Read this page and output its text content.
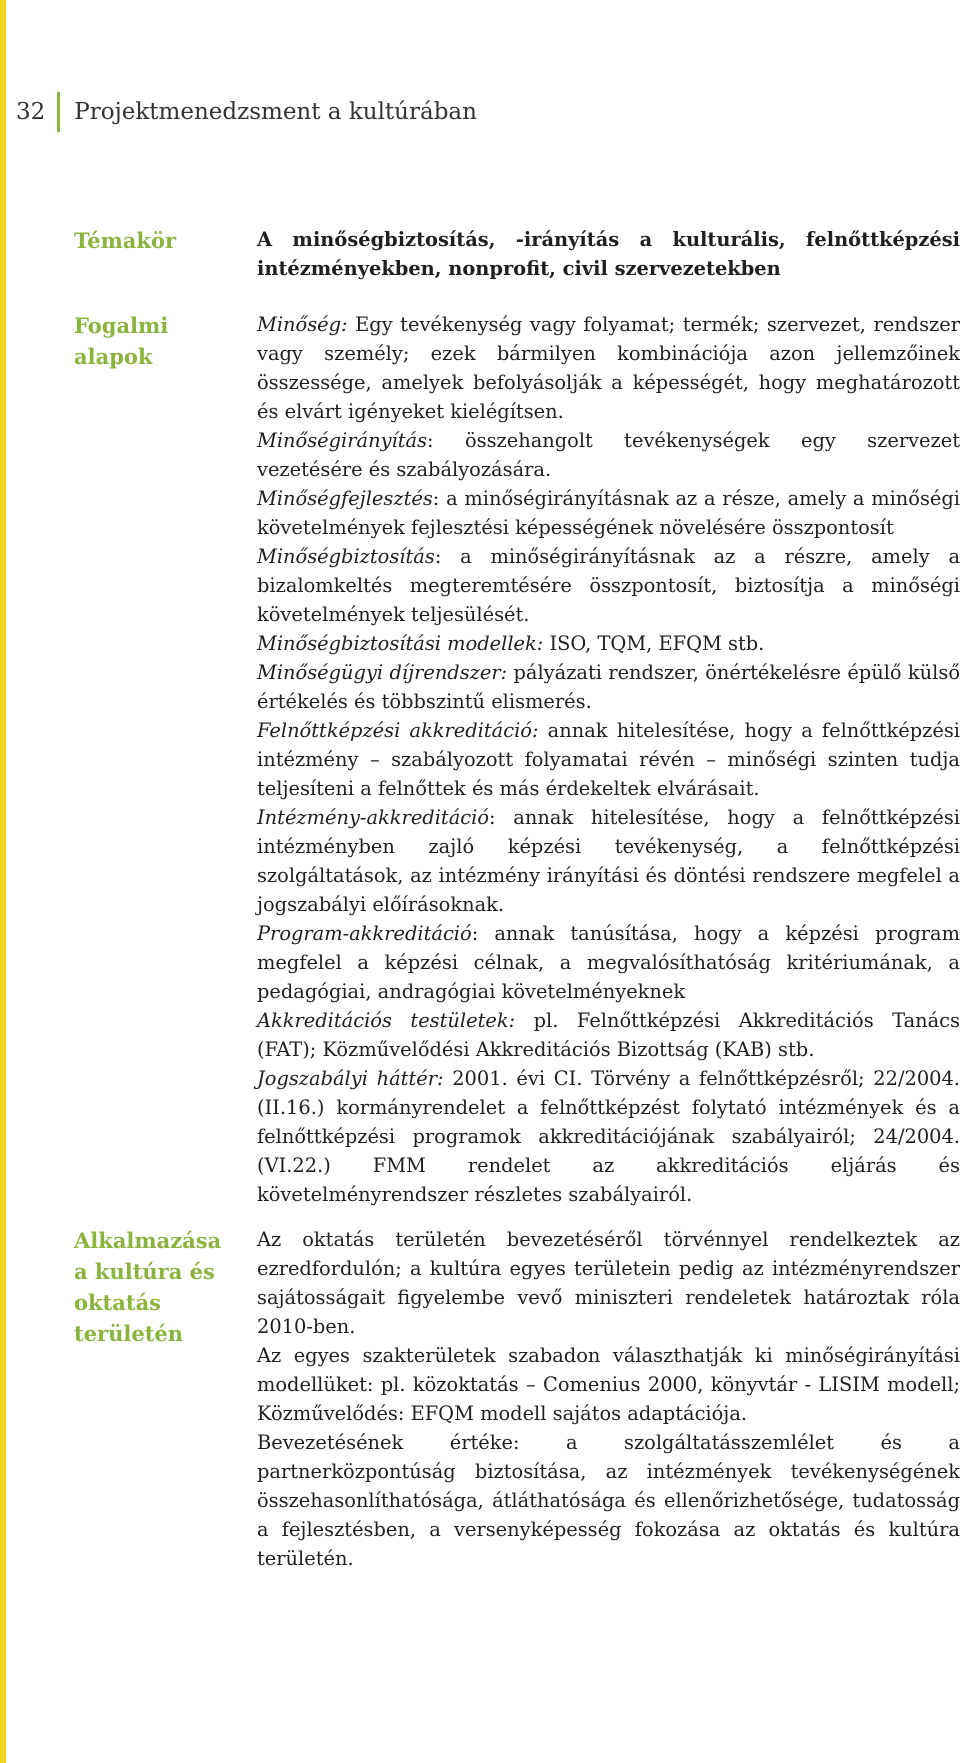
32 Projektmenedzsment a kultúrában
Témakör	A minőségbiztosítás, -irányítás a kulturális, felnőttképzési intézményekben, nonprofit, civil szervezetekben

Fogalmi alapok

Minőség: Egy tevékenység vagy folyamat; termék; szervezet, rendszer vagy személy; ezek bármilyen kombinációja azon jellemzőinek összessége, amelyek befolyásolják a képességét, hogy meghatározott és elvárt igényeket kielégítsen.

Minőségirányítás: összehangolt tevékenységek egy szervezet vezetésére és szabályozására.

Minőségfejlesztés: a minőségirányításnak az a része, amely a minőségi követelmények fejlesztési képességének növelésére összpontosít

Minőségbiztosítás: a minőségirányításnak az a részre, amely a bizalomkeltés megteremtésére összpontosít, biztosítja a minőségi követelmények teljesülését.

Minőségbiztosítási modellek: ISO, TQM, EFQM stb.

Minőségügyi díjrendszer: pályázati rendszer, önértékelésre épülő külső értékelés és többszintű elismerés.

Felnőttképzési akkreditáció: annak hitelesítése, hogy a felnőttképzési intézmény – szabályozott folyamatai révén – minőségi szinten tudja teljesíteni a felnőttek és más érdekeltek elvárásait.

Intézmény-akkreditáció: annak hitelesítése, hogy a felnőttképzési intézményben zajló képzési tevékenység, a felnőttképzési szolgáltatások, az intézmény irányítási és döntési rendszere megfelel a jogszabályi előírásoknak.

Program-akkreditáció: annak tanúsítása, hogy a képzési program megfelel a képzési célnak, a megvalósíthatóság kritériumának, a pedagógiai, andragógiai követelményeknek

Akkreditációs testületek: pl. Felnőttképzési Akkreditációs Tanács (FAT); Közművelődési Akkreditációs Bizottság (KAB) stb.

Jogszabályi háttér: 2001. évi CI. Törvény a felnőttképzésről; 22/2004. (II.16.) kormányrendelet a felnőttképzést folytató intézmények és a felnőttképzési programok akkreditációjának szabályairól; 24/2004. (VI.22.) FMM rendelet az akkreditációs eljárás és követelményrendszer részletes szabályairól.

Alkalmazása a kultúra és oktatás területén

Az oktatás területén bevezetéséről törvénnyel rendelkeztek az ezredfordulón; a kultúra egyes területein pedig az intézményrendszer sajátosságait figyelembe vevő miniszteri rendeletek határoztak róla 2010-ben.

Az egyes szakterületek szabadon választhatják ki minőségirányítási modellüket: pl. közoktatás – Comenius 2000, könyvtár - LISIM modell; Közművelődés: EFQM modell sajátos adaptációja.

Bevezetésének értéke: a szolgáltatásszemlélet és a partnerközpontúság biztosítása, az intézmények tevékenységének összehasonlíthatósága, átláthatósága és ellenőrizhetősége, tudatosság a fejlesztésben, a versenyképesség fokozása az oktatás és kultúra területén.
